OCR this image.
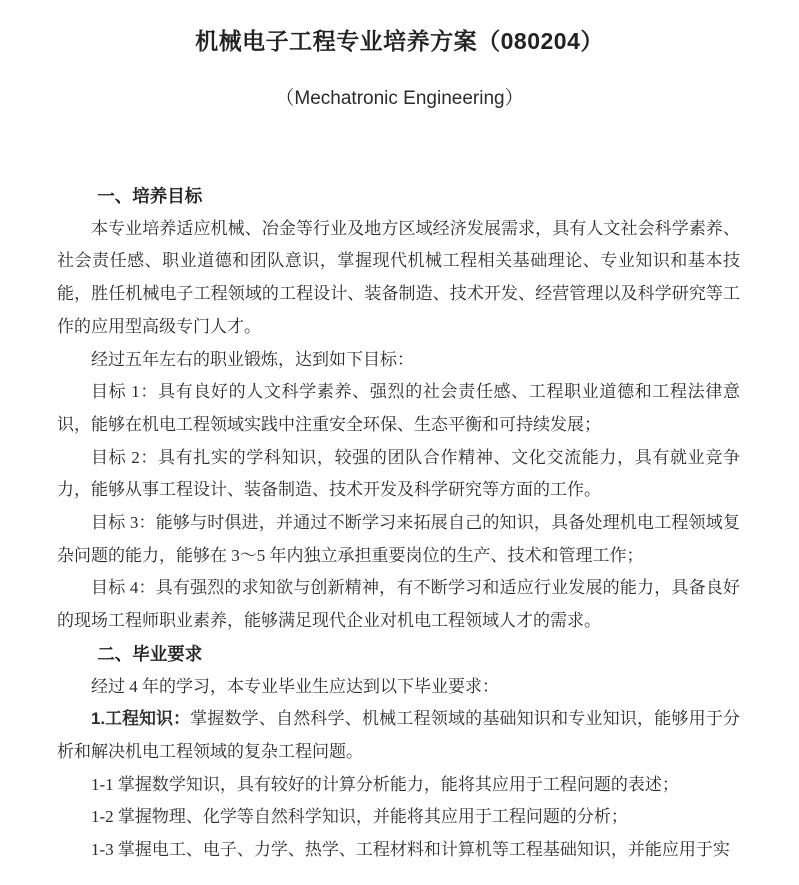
机械电子工程专业培养方案（080204）
（Mechatronic Engineering）
一、培养目标

本专业培养适应机械、冶金等行业及地方区域经济发展需求，具有人文社会科学素养、社会责任感、职业道德和团队意识，掌握现代机械工程相关基础理论、专业知识和基本技能，胜任机械电子工程领域的工程设计、装备制造、技术开发、经营管理以及科学研究等工作的应用型高级专门人才。

经过五年左右的职业锻炼，达到如下目标：

目标 1：具有良好的人文科学素养、强烈的社会责任感、工程职业道德和工程法律意识，能够在机电工程领域实践中注重安全环保、生态平衡和可持续发展；

目标 2：具有扎实的学科知识，较强的团队合作精神、文化交流能力，具有就业竞争力，能够从事工程设计、装备制造、技术开发及科学研究等方面的工作。

目标 3：能够与时俱进，并通过不断学习来拓展自己的知识，具备处理机电工程领域复杂问题的能力，能够在 3～5 年内独立承担重要岗位的生产、技术和管理工作；

目标 4：具有强烈的求知欲与创新精神，有不断学习和适应行业发展的能力，具备良好的现场工程师职业素养，能够满足现代企业对机电工程领域人才的需求。

二、毕业要求

经过 4 年的学习，本专业毕业生应达到以下毕业要求：

1.工程知识：掌握数学、自然科学、机械工程领域的基础知识和专业知识，能够用于分析和解决机电工程领域的复杂工程问题。

1-1 掌握数学知识，具有较好的计算分析能力，能将其应用于工程问题的表述；

1-2 掌握物理、化学等自然科学知识，并能将其应用于工程问题的分析；

1-3 掌握电工、电子、力学、热学、工程材料和计算机等工程基础知识，并能应用于实
